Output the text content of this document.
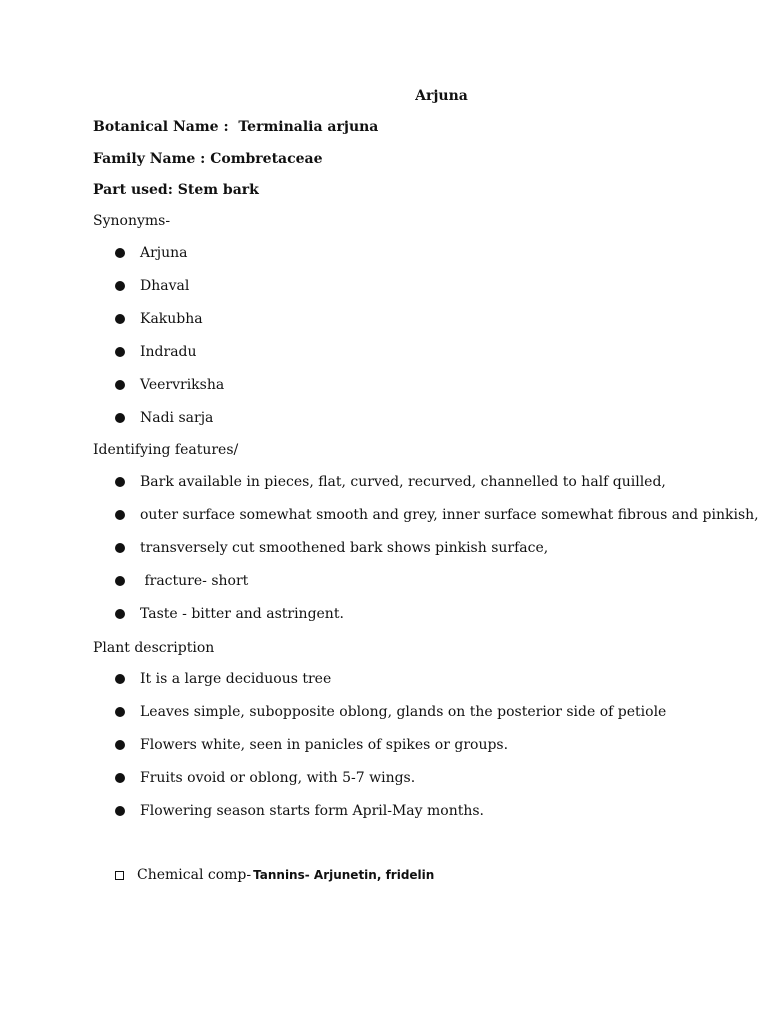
Arjuna
Botanical Name : Terminalia arjuna
Family Name : Combretaceae
Part used: Stem bark
Synonyms-
Arjuna
Dhaval
Kakubha
Indradu
Veervriksha
Nadi sarja
Identifying features/
Bark available in pieces, flat, curved, recurved, channelled to half quilled,
outer surface somewhat smooth and grey, inner surface somewhat fibrous and pinkish,
transversely cut smoothened bark shows pinkish surface,
fracture- short
Taste - bitter and astringent.
Plant description
It is a large deciduous tree
Leaves simple, subopposite oblong, glands on the posterior side of petiole
Flowers white, seen in panicles of spikes or groups.
Fruits ovoid or oblong, with 5-7 wings.
Flowering season starts form April-May months.
Chemical comp- Tannins- Arjunetin, fridelin
